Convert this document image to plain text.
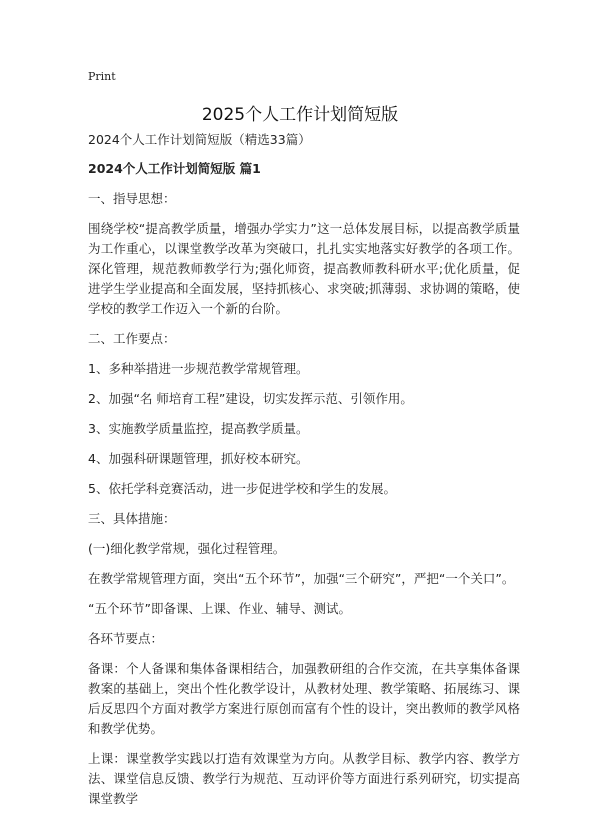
Print
2025个人工作计划简短版

2024个人工作计划简短版（精选33篇）

2024个人工作计划简短版 篇1

一、指导思想：

围绕学校“提高教学质量，增强办学实力”这一总体发展目标，以提高教学质量为工作重心，以课堂教学改革为突破口，扎扎实实地落实好教学的各项工作。深化管理，规范教师教学行为;强化师资，提高教师教科研水平;优化质量，促进学生学业提高和全面发展，坚持抓核心、求突破;抓薄弱、求协调的策略，使学校的教学工作迈入一个新的台阶。

二、工作要点：

1、多种举措进一步规范教学常规管理。

2、加强“名 师培育工程”建设，切实发挥示范、引领作用。

3、实施教学质量监控，提高教学质量。

4、加强科研课题管理，抓好校本研究。

5、依托学科竞赛活动，进一步促进学校和学生的发展。

三、具体措施：

(一)细化教学常规，强化过程管理。

在教学常规管理方面，突出“五个环节”，加强“三个研究”，严把“一个关口”。

“五个环节”即备课、上课、作业、辅导、测试。

各环节要点：

备课：个人备课和集体备课相结合，加强教研组的合作交流，在共享集体备课教案的基础上，突出个性化教学设计，从教材处理、教学策略、拓展练习、课后反思四个方面对教学方案进行原创而富有个性的设计，突出教师的教学风格和教学优势。

上课：课堂教学实践以打造有效课堂为方向。从教学目标、教学内容、教学方法、课堂信息反馈、教学行为规范、互动评价等方面进行系列研究，切实提高课堂教学
